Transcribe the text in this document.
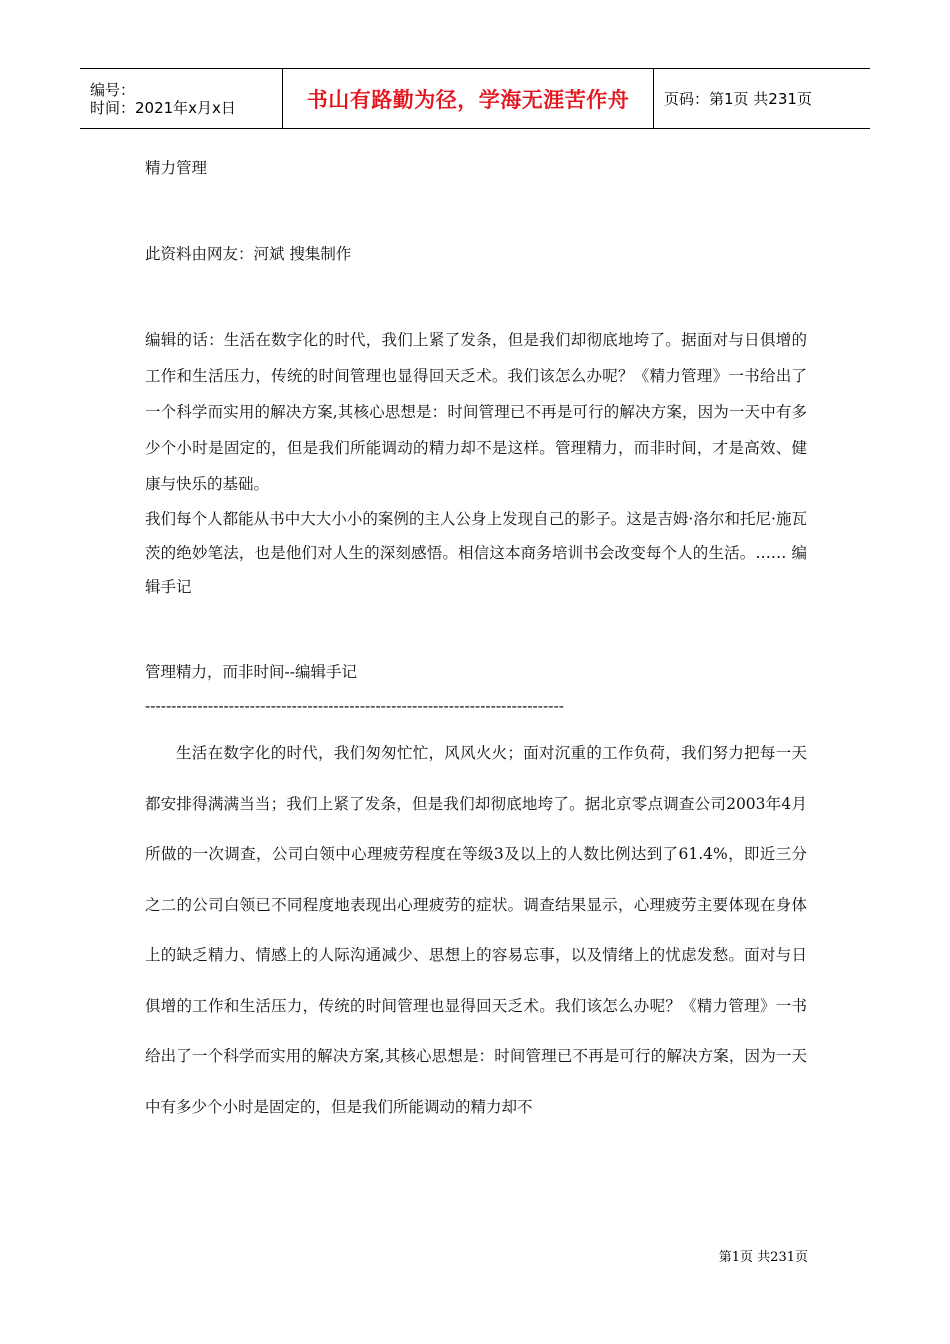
编号：
时间：2021年x月x日	书山有路勤为径，学海无涯苦作舟 页码：第1页 共231页

精力管理

此资料由网友：河斌 搜集制作

编辑的话：生活在数字化的时代，我们上紧了发条，但是我们却彻底地垮了。据面对与日俱增的工作和生活压力，传统的时间管理也显得回天乏术。我们该怎么办呢？《精力管理》一书给出了一个科学而实用的解决方案,其核心思想是：时间管理已不再是可行的解决方案，因为一天中有多少个小时是固定的，但是我们所能调动的精力却不是这样。管理精力，而非时间，才是高效、健康与快乐的基础。

我们每个人都能从书中大大小小的案例的主人公身上发现自己的影子。这是吉姆·洛尔和托尼·施瓦茨的绝妙笔法，也是他们对人生的深刻感悟。相信这本商务培训书会改变每个人的生活。…… 编辑手记

管理精力，而非时间--编辑手记

--------------------------------------------------------------------------------

生活在数字化的时代，我们匆匆忙忙，风风火火；面对沉重的工作负荷，我们努力把每一天都安排得满满当当；我们上紧了发条，但是我们却彻底地垮了。据北京零点调查公司2003年4月所做的一次调查，公司白领中心理疲劳程度在等级3及以上的人数比例达到了61.4%，即近三分之二的公司白领已不同程度地表现出心理疲劳的症状。调查结果显示，心理疲劳主要体现在身体上的缺乏精力、情感上的人际沟通减少、思想上的容易忘事，以及情绪上的忧虑发愁。面对与日俱增的工作和生活压力，传统的时间管理也显得回天乏术。我们该怎么办呢？《精力管理》一书给出了一个科学而实用的解决方案,其核心思想是：时间管理已不再是可行的解决方案，因为一天中有多少个小时是固定的，但是我们所能调动的精力却不

第1页 共231页
